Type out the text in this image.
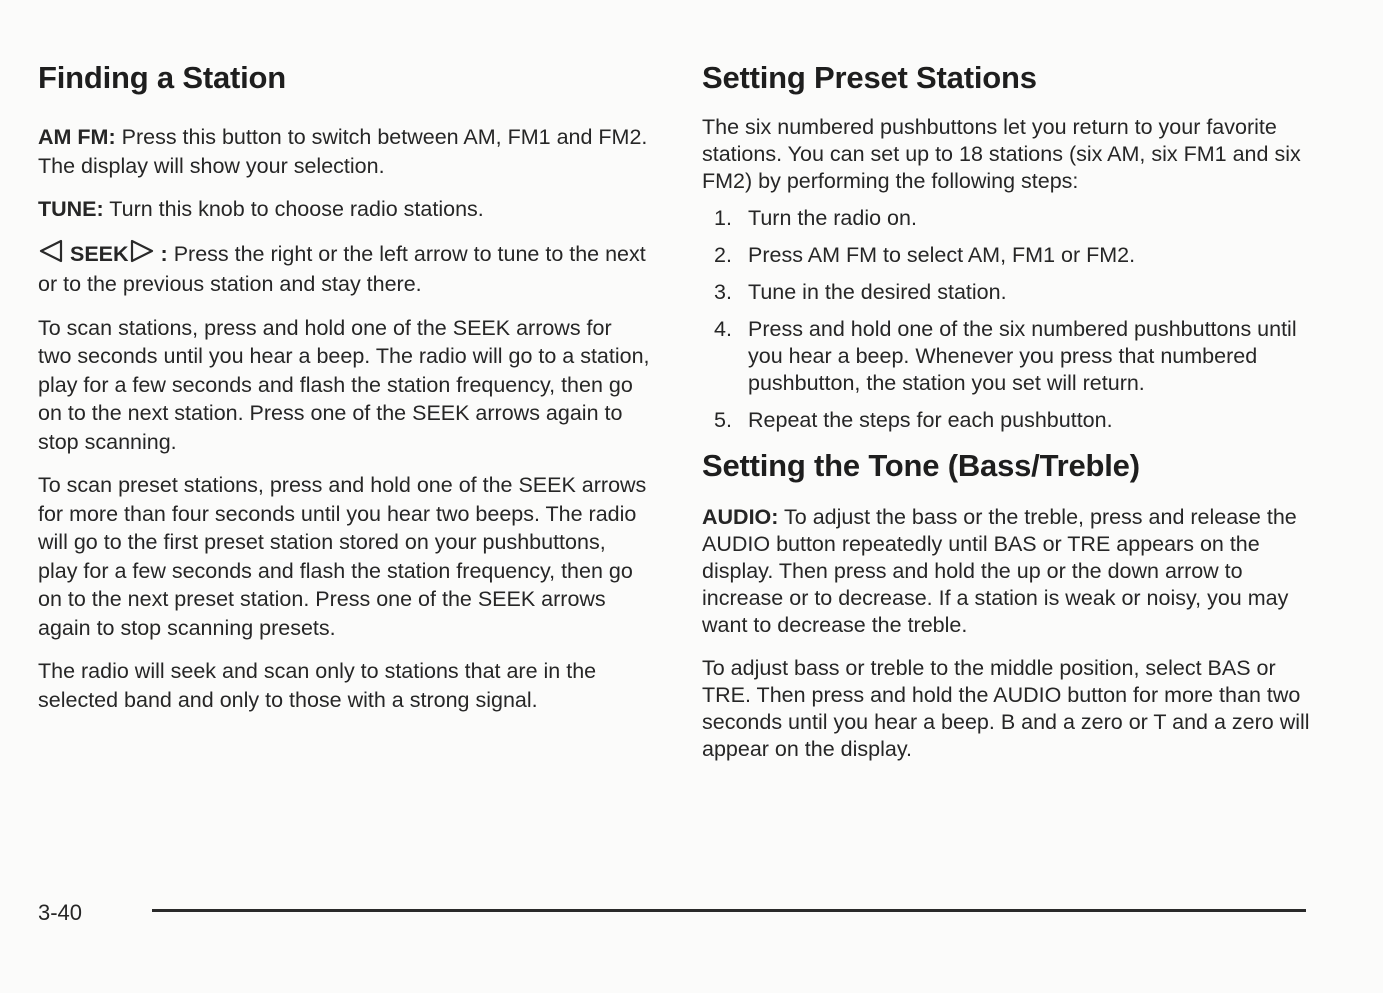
Finding a Station

AM FM: Press this button to switch between AM, FM1 and FM2. The display will show your selection.

TUNE: Turn this knob to choose radio stations.

SEEK : Press the right or the left arrow to tune to the next or to the previous station and stay there.

To scan stations, press and hold one of the SEEK arrows for two seconds until you hear a beep. The radio will go to a station, play for a few seconds and flash the station frequency, then go on to the next station. Press one of the SEEK arrows again to stop scanning.

To scan preset stations, press and hold one of the SEEK arrows for more than four seconds until you hear two beeps. The radio will go to the first preset station stored on your pushbuttons, play for a few seconds and flash the station frequency, then go on to the next preset station. Press one of the SEEK arrows again to stop scanning presets.

The radio will seek and scan only to stations that are in the selected band and only to those with a strong signal.

Setting Preset Stations

The six numbered pushbuttons let you return to your favorite stations. You can set up to 18 stations (six AM, six FM1 and six FM2) by performing the following steps:

1. Turn the radio on.
2. Press AM FM to select AM, FM1 or FM2.
3. Tune in the desired station.
4. Press and hold one of the six numbered pushbuttons until you hear a beep. Whenever you press that numbered pushbutton, the station you set will return.
5. Repeat the steps for each pushbutton.
Setting the Tone (Bass/Treble)

AUDIO: To adjust the bass or the treble, press and release the AUDIO button repeatedly until BAS or TRE appears on the display. Then press and hold the up or the down arrow to increase or to decrease. If a station is weak or noisy, you may want to decrease the treble.

To adjust bass or treble to the middle position, select BAS or TRE. Then press and hold the AUDIO button for more than two seconds until you hear a beep. B and a zero or T and a zero will appear on the display.

3-40
